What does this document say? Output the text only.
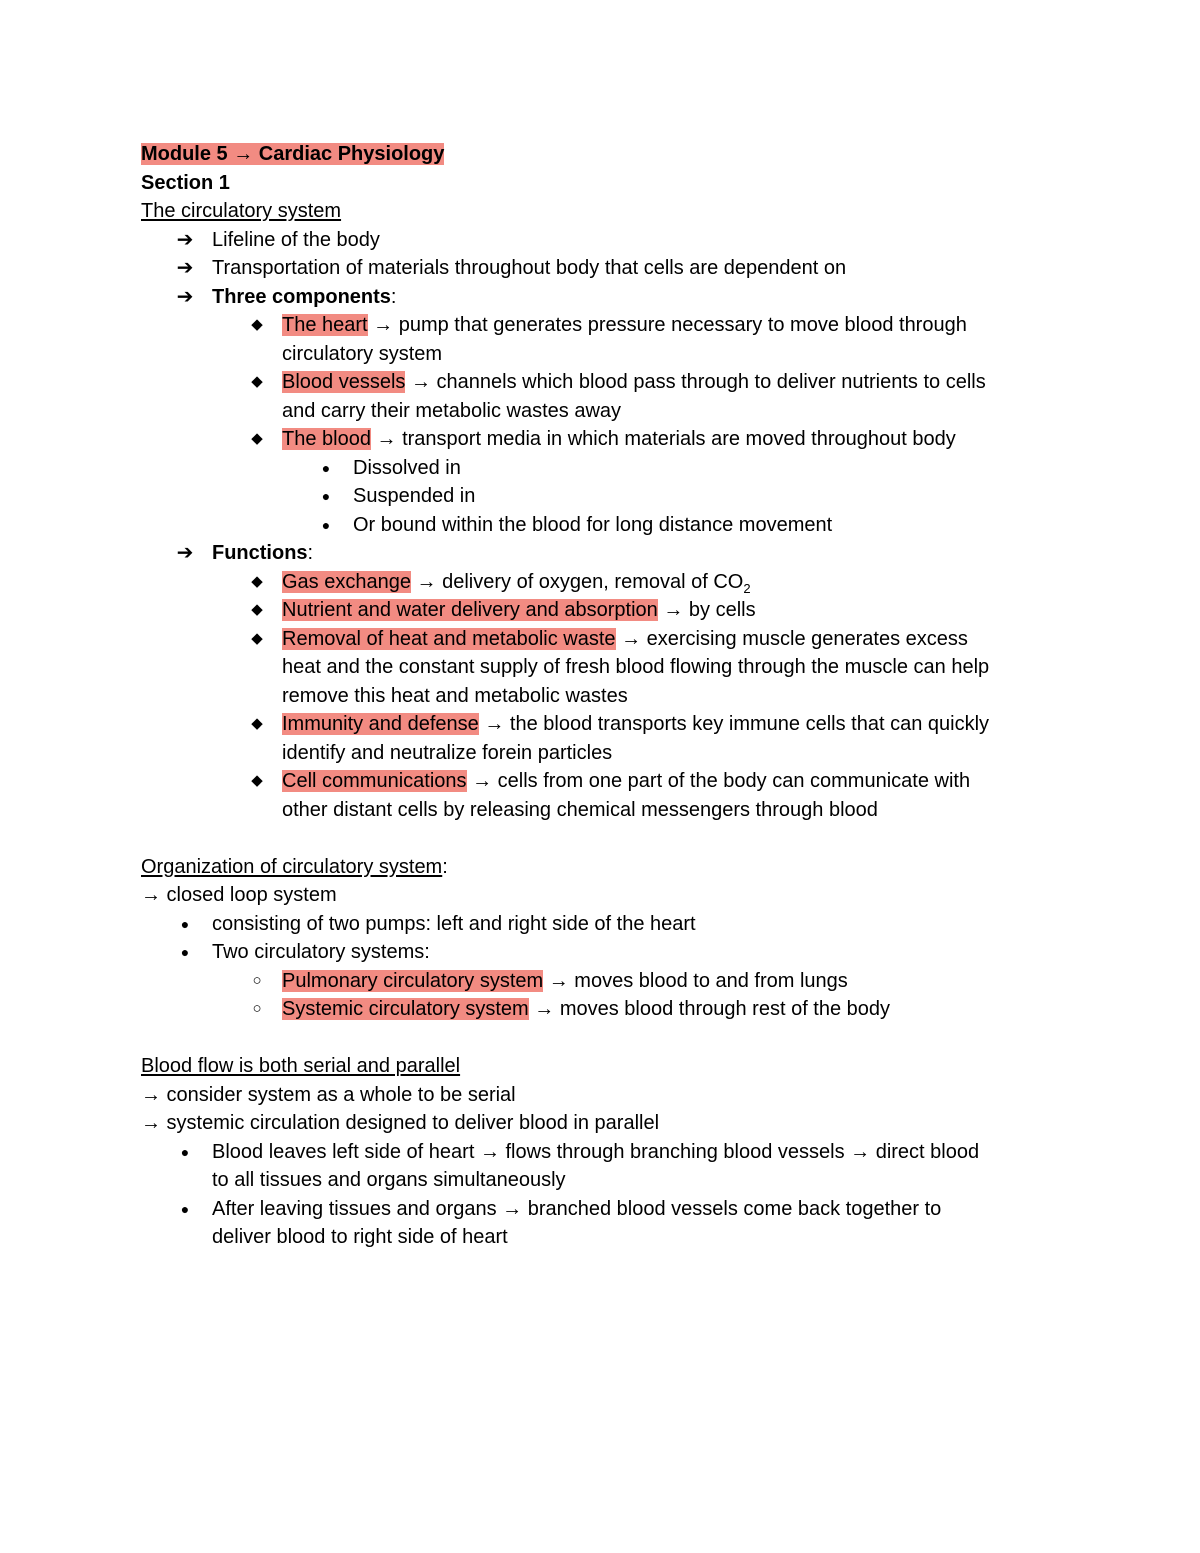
Module 5 → Cardiac Physiology
Section 1
The circulatory system
➔ Lifeline of the body
➔ Transportation of materials throughout body that cells are dependent on
➔ Three components:
◆ The heart → pump that generates pressure necessary to move blood through
circulatory system
◆ Blood vessels → channels which blood pass through to deliver nutrients to cells
and carry their metabolic wastes away
◆ The blood → transport media in which materials are moved throughout body
●	Dissolved in
●	Suspended in
●	Or bound within the blood for long distance movement
➔ Functions:
◆ Gas exchange → delivery of oxygen, removal of $CO_2$
◆ Nutrient and water delivery and absorption → by cells
◆ Removal of heat and metabolic waste → exercising muscle generates excess
heat and the constant supply of fresh blood flowing through the muscle can help
remove this heat and metabolic wastes
◆ Immunity and defense → the blood transports key immune cells that can quickly
identify and neutralize forein particles
◆ Cell communications → cells from one part of the body can communicate with
other distant cells by releasing chemical messengers through blood
Organization of circulatory system:
→ closed loop system
●	consisting of two pumps: left and right side of the heart
●	Two circulatory systems:
○	Pulmonary circulatory system → moves blood to and from lungs
○	Systemic circulatory system → moves blood through rest of the body
Blood flow is both serial and parallel
→ consider system as a whole to be serial
→ systemic circulation designed to deliver blood in parallel
●	Blood leaves left side of heart → flows through branching blood vessels → direct blood
to all tissues and organs simultaneously
●	After leaving tissues and organs → branched blood vessels come back together to
deliver blood to right side of heart
